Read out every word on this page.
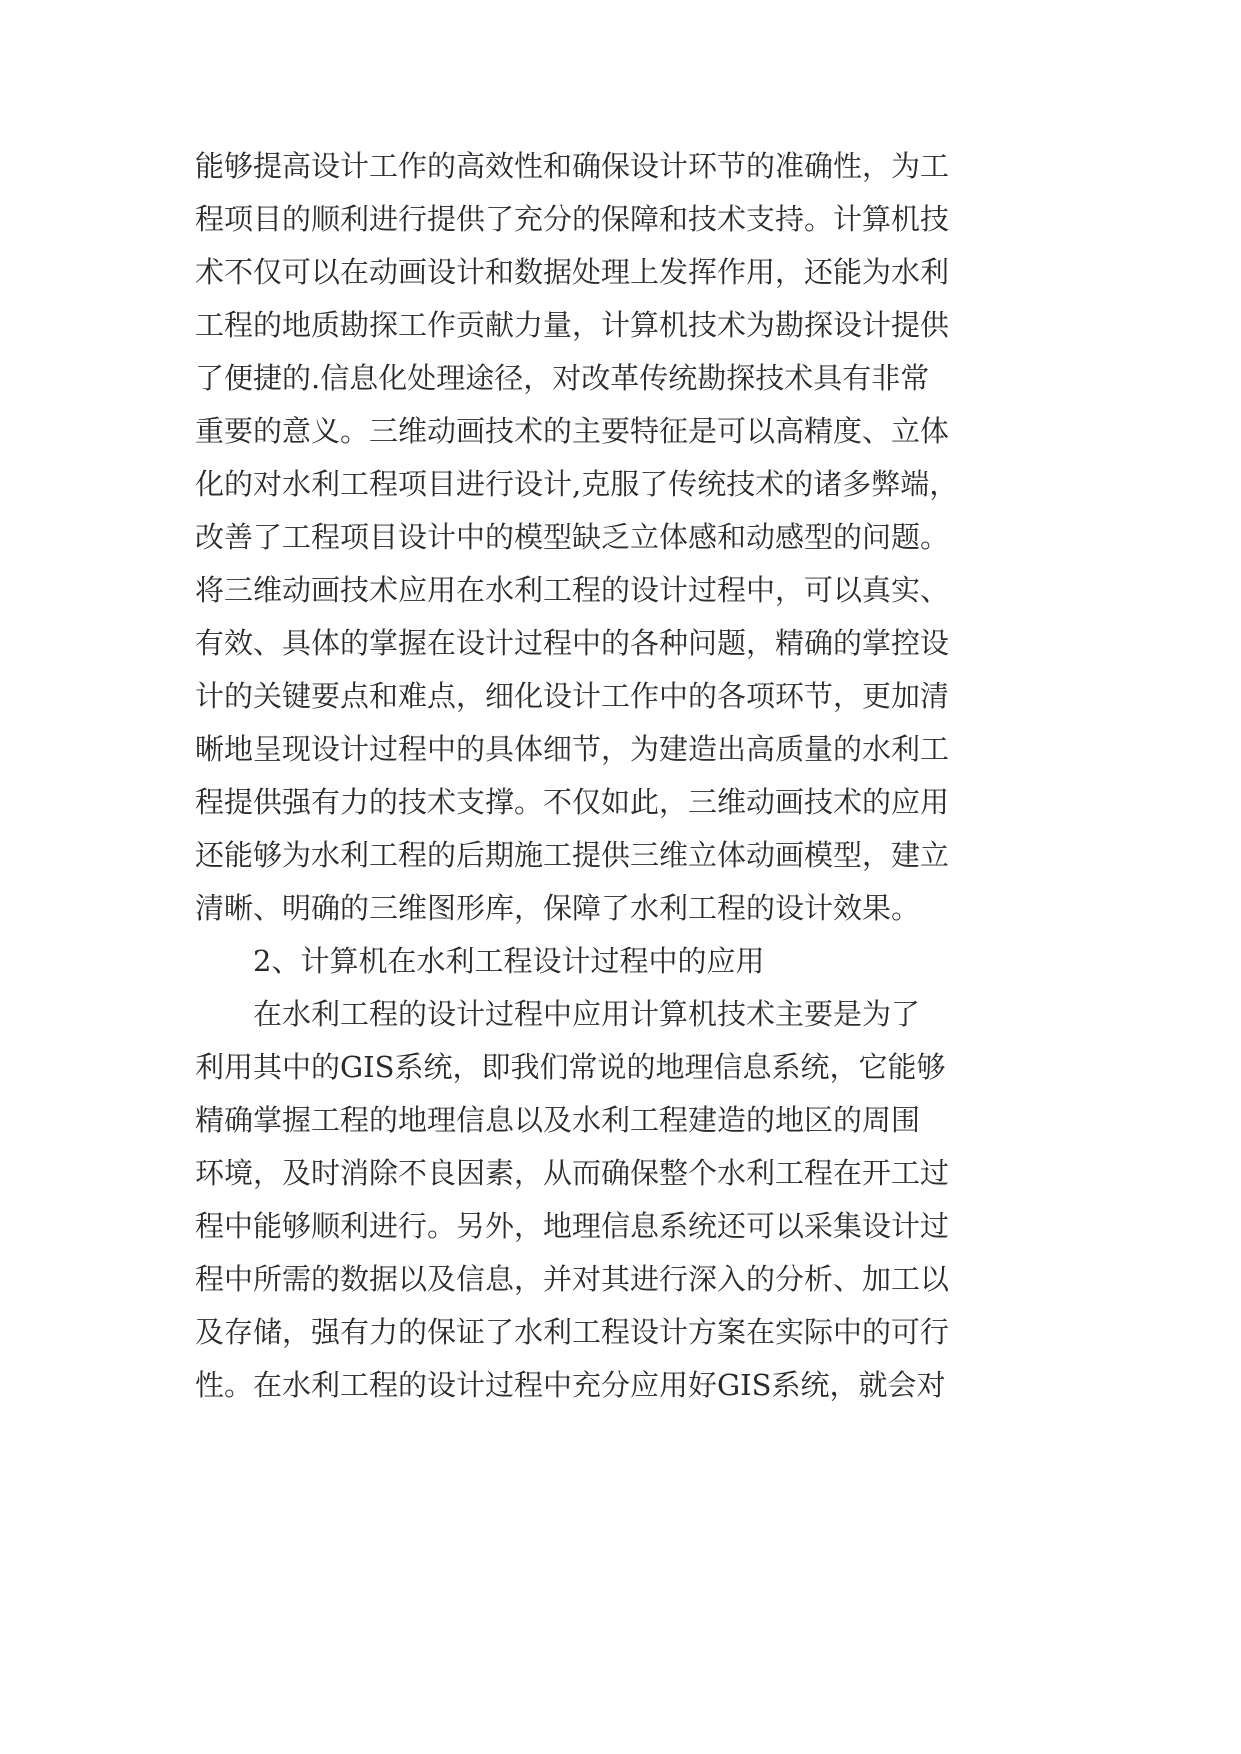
能够提高设计工作的高效性和确保设计环节的准确性，为工
程项目的顺利进行提供了充分的保障和技术支持。计算机技
术不仅可以在动画设计和数据处理上发挥作用，还能为水利
工程的地质勘探工作贡献力量，计算机技术为勘探设计提供
了便捷的.信息化处理途径，对改革传统勘探技术具有非常
重要的意义。三维动画技术的主要特征是可以高精度、立体
化的对水利工程项目进行设计,克服了传统技术的诸多弊端，
改善了工程项目设计中的模型缺乏立体感和动感型的问题。
将三维动画技术应用在水利工程的设计过程中，可以真实、
有效、具体的掌握在设计过程中的各种问题，精确的掌控设
计的关键要点和难点，细化设计工作中的各项环节，更加清
晰地呈现设计过程中的具体细节，为建造出高质量的水利工
程提供强有力的技术支撑。不仅如此，三维动画技术的应用
还能够为水利工程的后期施工提供三维立体动画模型，建立
清晰、明确的三维图形库，保障了水利工程的设计效果。
2、计算机在水利工程设计过程中的应用
在水利工程的设计过程中应用计算机技术主要是为了
利用其中的GIS系统，即我们常说的地理信息系统，它能够
精确掌握工程的地理信息以及水利工程建造的地区的周围
环境，及时消除不良因素，从而确保整个水利工程在开工过
程中能够顺利进行。另外，地理信息系统还可以采集设计过
程中所需的数据以及信息，并对其进行深入的分析、加工以
及存储，强有力的保证了水利工程设计方案在实际中的可行
性。在水利工程的设计过程中充分应用好GIS系统，就会对
